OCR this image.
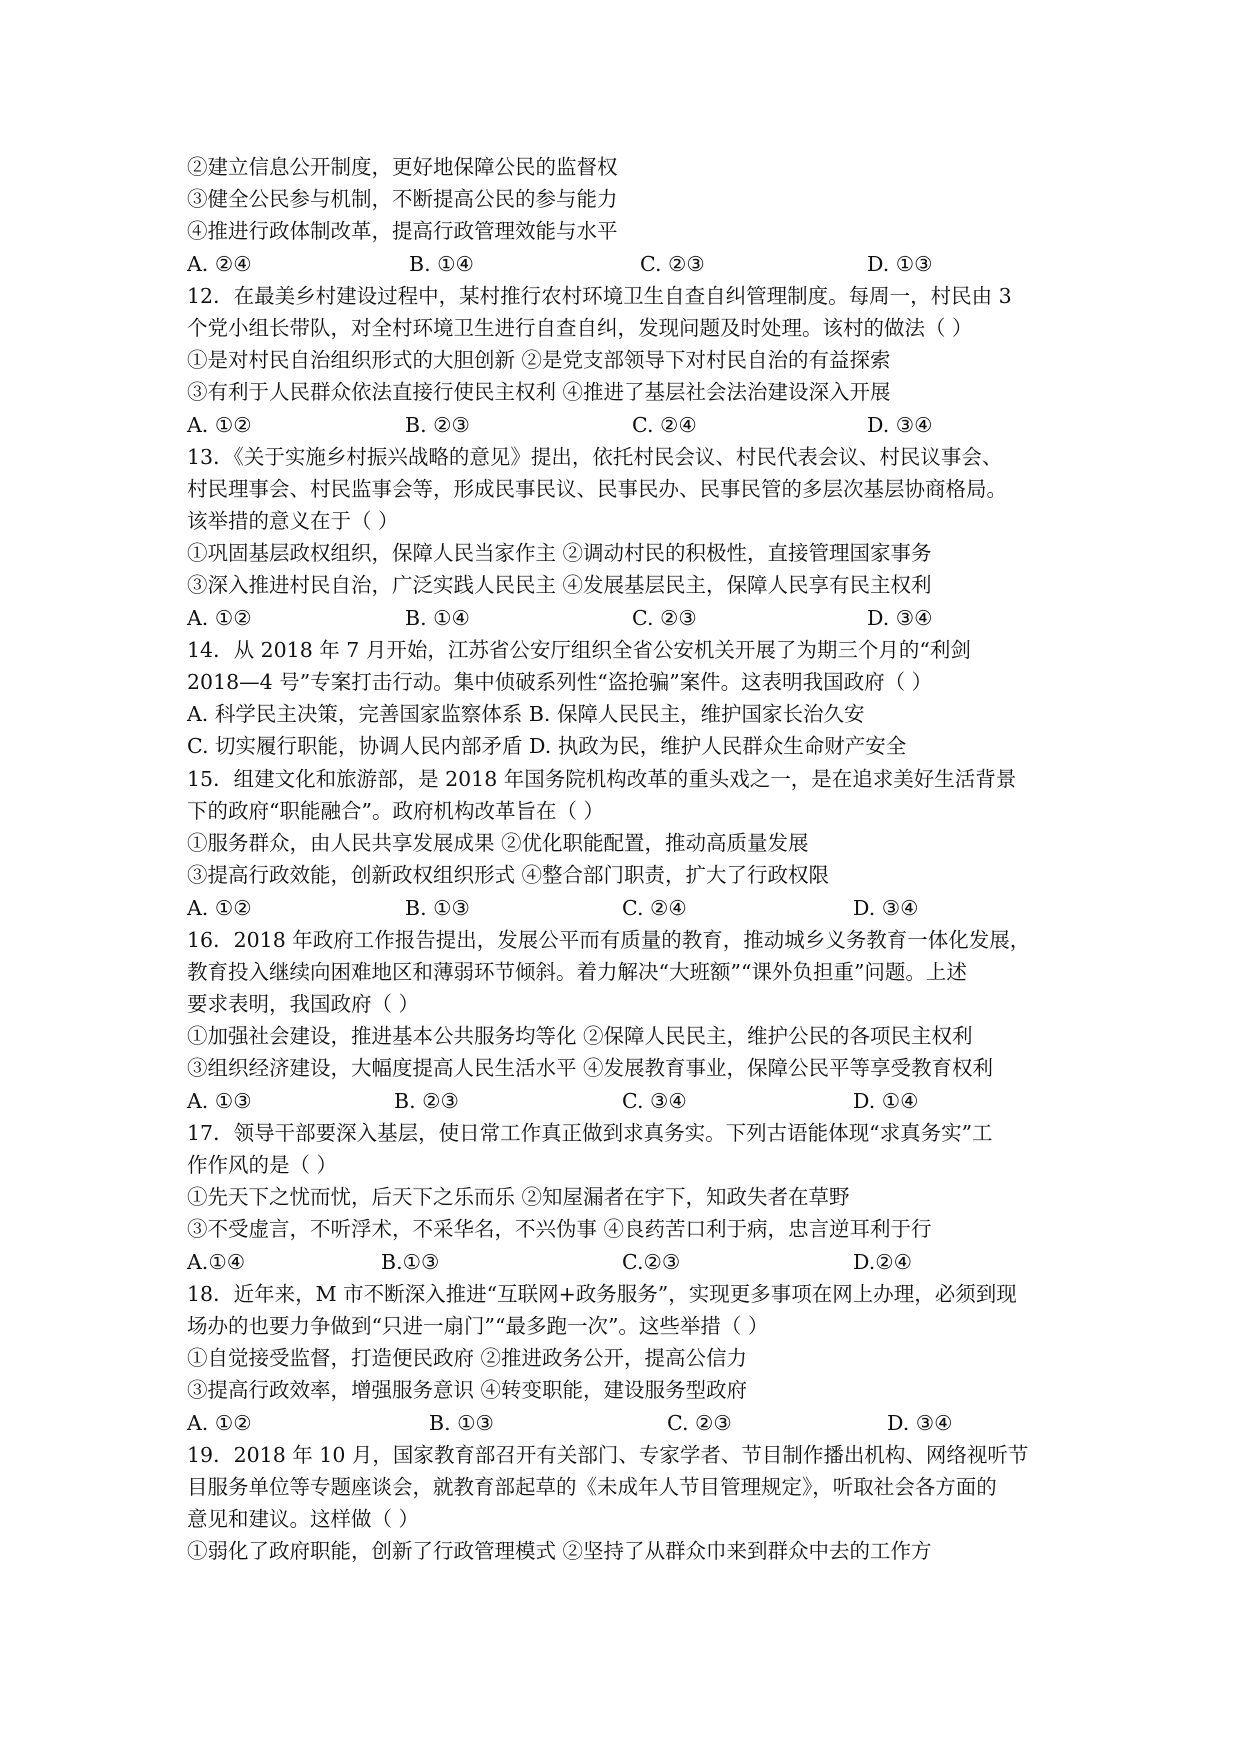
②建立信息公开制度，更好地保障公民的监督权
③健全公民参与机制，不断提高公民的参与能力
④推进行政体制改革，提高行政管理效能与水平
A. ②④	B. ①④	C. ②③	D. ①③
12．在最美乡村建设过程中，某村推行农村环境卫生自查自纠管理制度。每周一，村民由 3
个党小组长带队，对全村环境卫生进行自查自纠，发现问题及时处理。该村的做法（ ）
①是对村民自治组织形式的大胆创新 ②是党支部领导下对村民自治的有益探索
③有利于人民群众依法直接行使民主权利 ④推进了基层社会法治建设深入开展
A. ①②	B. ②③	C. ②④	D. ③④
13．《关于实施乡村振兴战略的意见》提出，依托村民会议、村民代表会议、村民议事会、
村民理事会、村民监事会等，形成民事民议、民事民办、民事民管的多层次基层协商格局。
该举措的意义在于（ ）
①巩固基层政权组织，保障人民当家作主 ②调动村民的积极性，直接管理国家事务
③深入推进村民自治，广泛实践人民民主 ④发展基层民主，保障人民享有民主权利
A. ①②	B. ①④	C. ②③	D. ③④
14．从 2018 年 7 月开始，江苏省公安厅组织全省公安机关开展了为期三个月的“利剑
2018—4 号”专案打击行动。集中侦破系列性“盗抢骗”案件。这表明我国政府（ ）
A. 科学民主决策，完善国家监察体系 B. 保障人民民主，维护国家长治久安
C. 切实履行职能，协调人民内部矛盾 D. 执政为民，维护人民群众生命财产安全
15．组建文化和旅游部，是 2018 年国务院机构改革的重头戏之一，是在追求美好生活背景
下的政府“职能融合”。政府机构改革旨在（ ）
①服务群众，由人民共享发展成果 ②优化职能配置，推动高质量发展
③提高行政效能，创新政权组织形式 ④整合部门职责，扩大了行政权限
A. ①②	B. ①③	C. ②④	D. ③④
16．2018 年政府工作报告提出，发展公平而有质量的教育，推动城乡义务教育一体化发展，
教育投入继续向困难地区和薄弱环节倾斜。着力解决“大班额”“课外负担重”问题。上述
要求表明，我国政府（ ）
①加强社会建设，推进基本公共服务均等化 ②保障人民民主，维护公民的各项民主权利
③组织经济建设，大幅度提高人民生活水平 ④发展教育事业，保障公民平等享受教育权利
A. ①③	B. ②③	C. ③④	D. ①④
17．领导干部要深入基层，使日常工作真正做到求真务实。下列古语能体现“求真务实”工
作作风的是（ ）
①先天下之忧而忧，后天下之乐而乐 ②知屋漏者在宇下，知政失者在草野
③不受虚言，不听浮术，不采华名，不兴伪事 ④良药苦口利于病，忠言逆耳利于行
A.①④	B.①③	C.②③	D.②④
18．近年来，M 市不断深入推进“互联网+政务服务”，实现更多事项在网上办理，必须到现
场办的也要力争做到“只进一扇门”“最多跑一次”。这些举措（ ）
①自觉接受监督，打造便民政府 ②推进政务公开，提高公信力
③提高行政效率，增强服务意识 ④转变职能，建设服务型政府
A. ①②	B. ①③	C. ②③	D. ③④
19．2018 年 10 月，国家教育部召开有关部门、专家学者、节目制作播出机构、网络视听节
目服务单位等专题座谈会，就教育部起草的《未成年人节目管理规定》，听取社会各方面的
意见和建议。这样做（ ）
①弱化了政府职能，创新了行政管理模式 ②坚持了从群众巾来到群众中去的工作方
